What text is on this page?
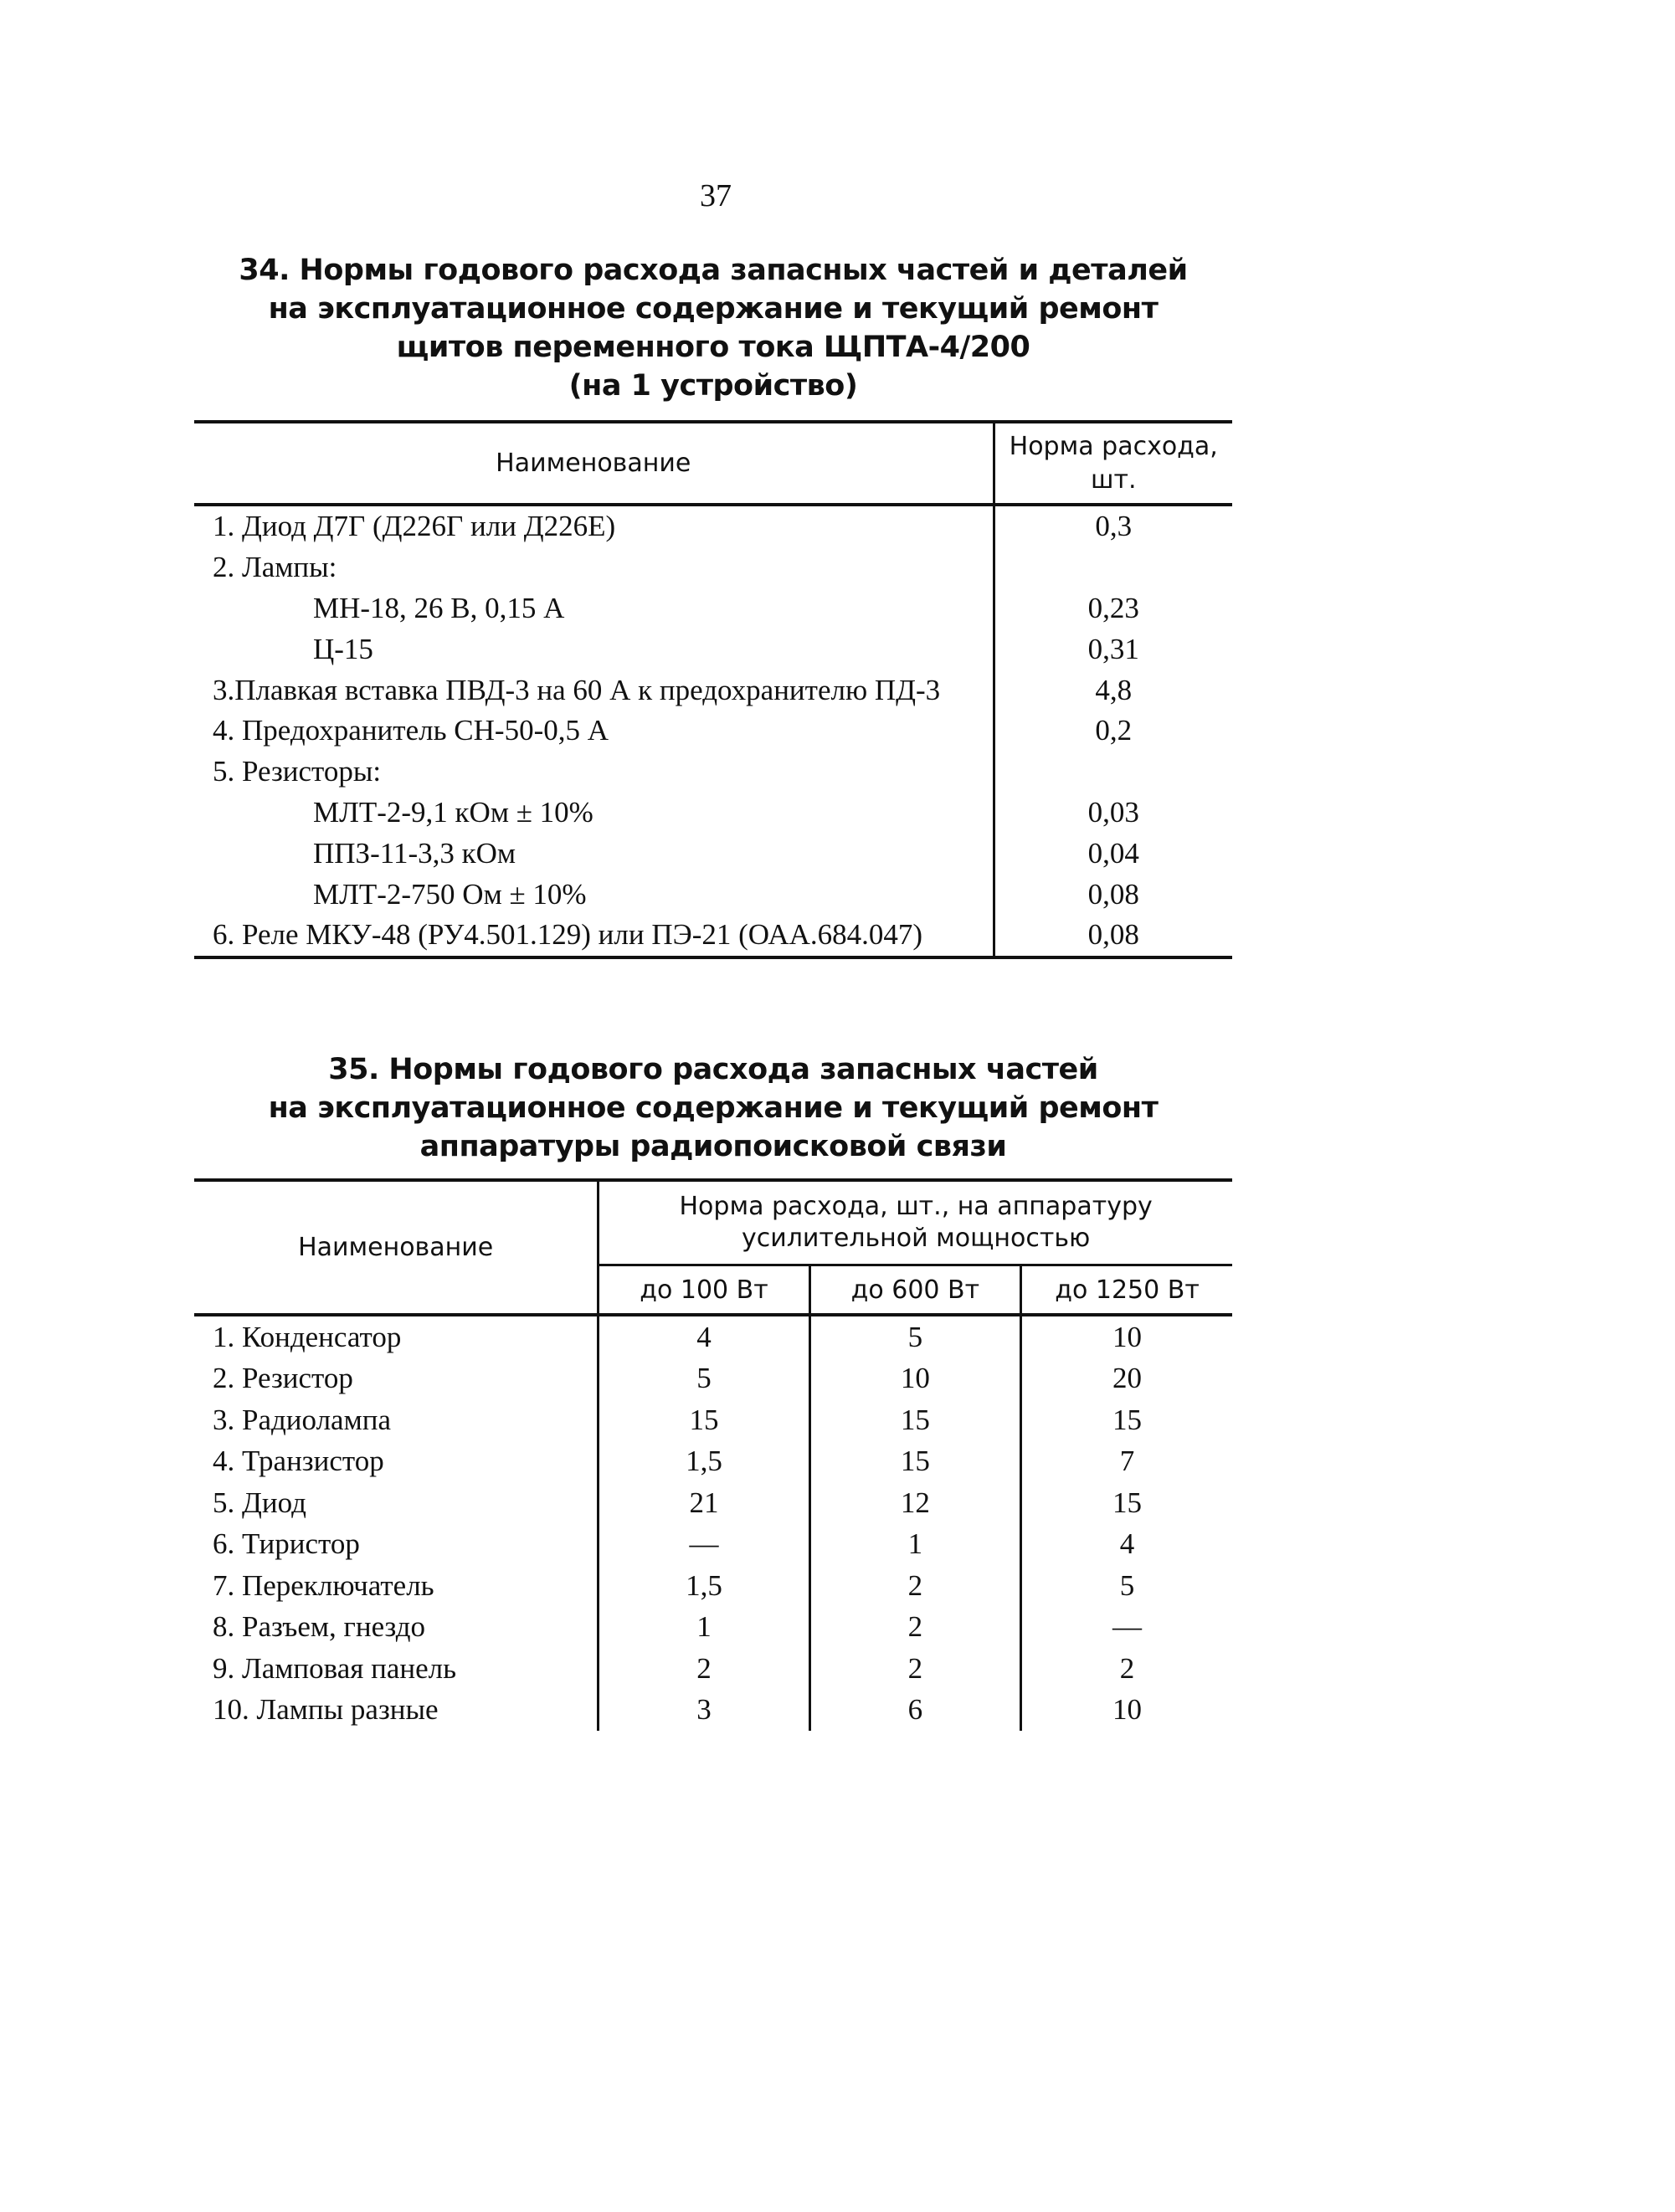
37
34. Нормы годового расхода запасных частей и деталей
на эксплуатационное содержание и текущий ремонт
щитов переменного тока ЩПТА-4/200
(на 1 устройство)
Наименование	Норма расхода,
шт.

1. Диод Д7Г (Д226Г или Д226Е)	0,3
2. Лампы:	
МН-18, 26 В, 0,15 А	0,23
Ц-15	0,31
3.Плавкая вставка ПВД-3 на 60 А к предохранителю ПД-3	4,8
4. Предохранитель СН-50-0,5 А	0,2
5. Резисторы:	
МЛТ-2-9,1 кОм ± 10%	0,03
ППЗ-11-3,3 кОм	0,04
МЛТ-2-750 Ом ± 10%	0,08
6. Реле МКУ-48 (РУ4.501.129) или ПЭ-21 (ОАА.684.047)	0,08
35. Нормы годового расхода запасных частей
на эксплуатационное содержание и текущий ремонт
аппаратуры радиопоисковой связи
Наименование	Норма расхода, шт., на аппаратуру
усилительной мощностью		

	до 100 Вт	до 600 Вт	до 1250 Вт
1. Конденсатор	4	5	10
2. Резистор	5	10	20
3. Радиолампа	15	15	15
4. Транзистор	1,5	15	7
5. Диод	21	12	15
6. Тиристор	—	1	4
7. Переключатель	1,5	2	5
8. Разъем, гнездо	1	2	—
9. Ламповая панель	2	2	2
10. Лампы разные	3	6	10
